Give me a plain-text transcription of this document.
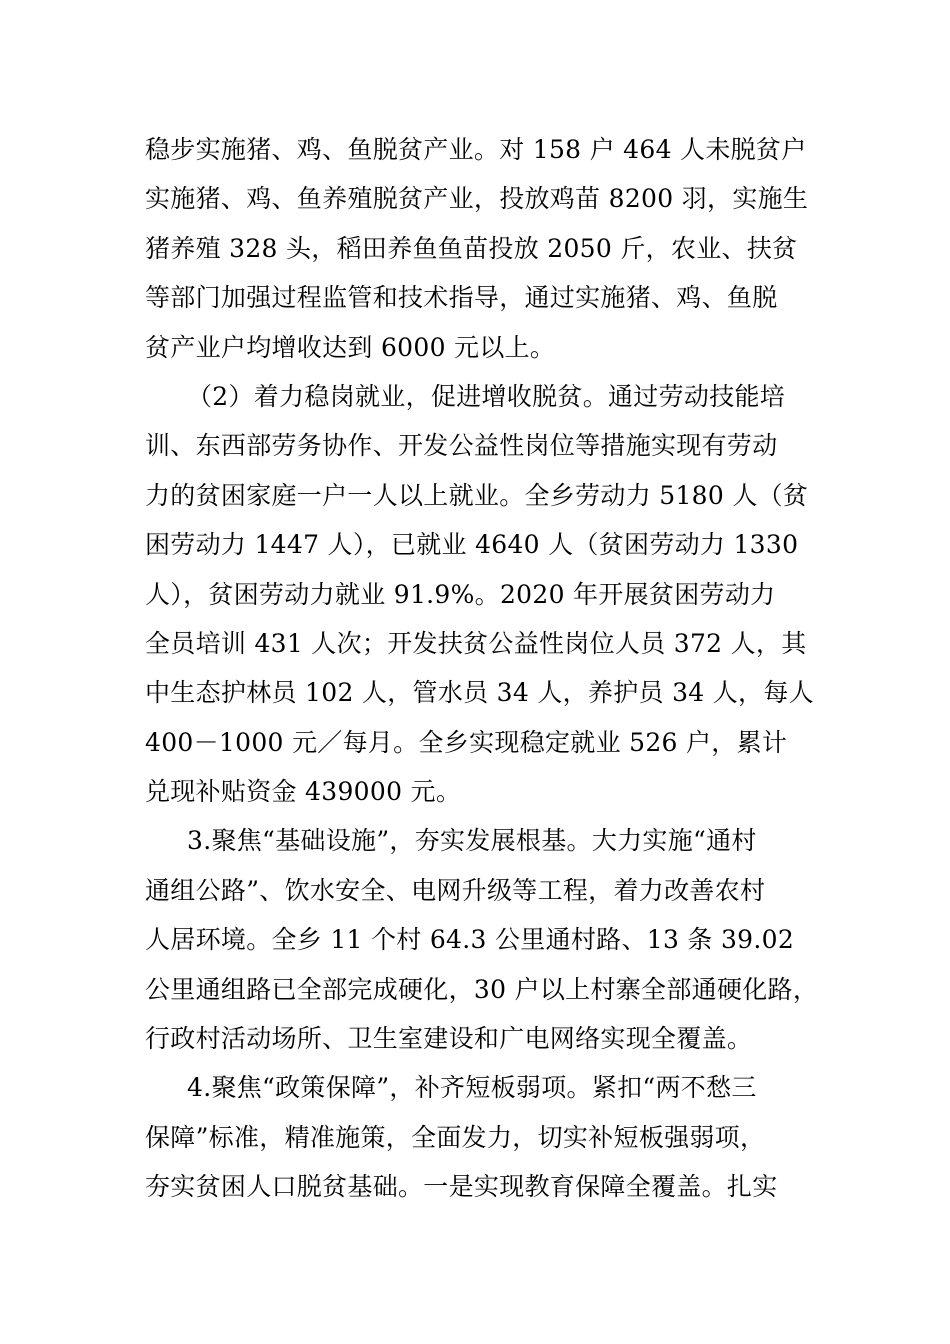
稳步实施猪、鸡、鱼脱贫产业。对 158 户 464 人未脱贫户
实施猪、鸡、鱼养殖脱贫产业，投放鸡苗 8200 羽，实施生
猪养殖 328 头，稻田养鱼鱼苗投放 2050 斤，农业、扶贫
等部门加强过程监管和技术指导，通过实施猪、鸡、鱼脱
贫产业户均增收达到 6000 元以上。
（2）着力稳岗就业，促进增收脱贫。通过劳动技能培
训、东西部劳务协作、开发公益性岗位等措施实现有劳动
力的贫困家庭一户一人以上就业。全乡劳动力 5180 人（贫
困劳动力 1447 人），已就业 4640 人（贫困劳动力 1330
人），贫困劳动力就业 91.9%。2020 年开展贫困劳动力
全员培训 431 人次；开发扶贫公益性岗位人员 372 人，其
中生态护林员 102 人，管水员 34 人，养护员 34 人，每人
400－1000 元／每月。全乡实现稳定就业 526 户，累计
兑现补贴资金 439000 元。
3.聚焦“基础设施”，夯实发展根基。大力实施“通村
通组公路”、饮水安全、电网升级等工程，着力改善农村
人居环境。全乡 11 个村 64.3 公里通村路、13 条 39.02
公里通组路已全部完成硬化，30 户以上村寨全部通硬化路，
行政村活动场所、卫生室建设和广电网络实现全覆盖。
4.聚焦“政策保障”，补齐短板弱项。紧扣“两不愁三
保障”标准，精准施策，全面发力，切实补短板强弱项，
夯实贫困人口脱贫基础。一是实现教育保障全覆盖。扎实
